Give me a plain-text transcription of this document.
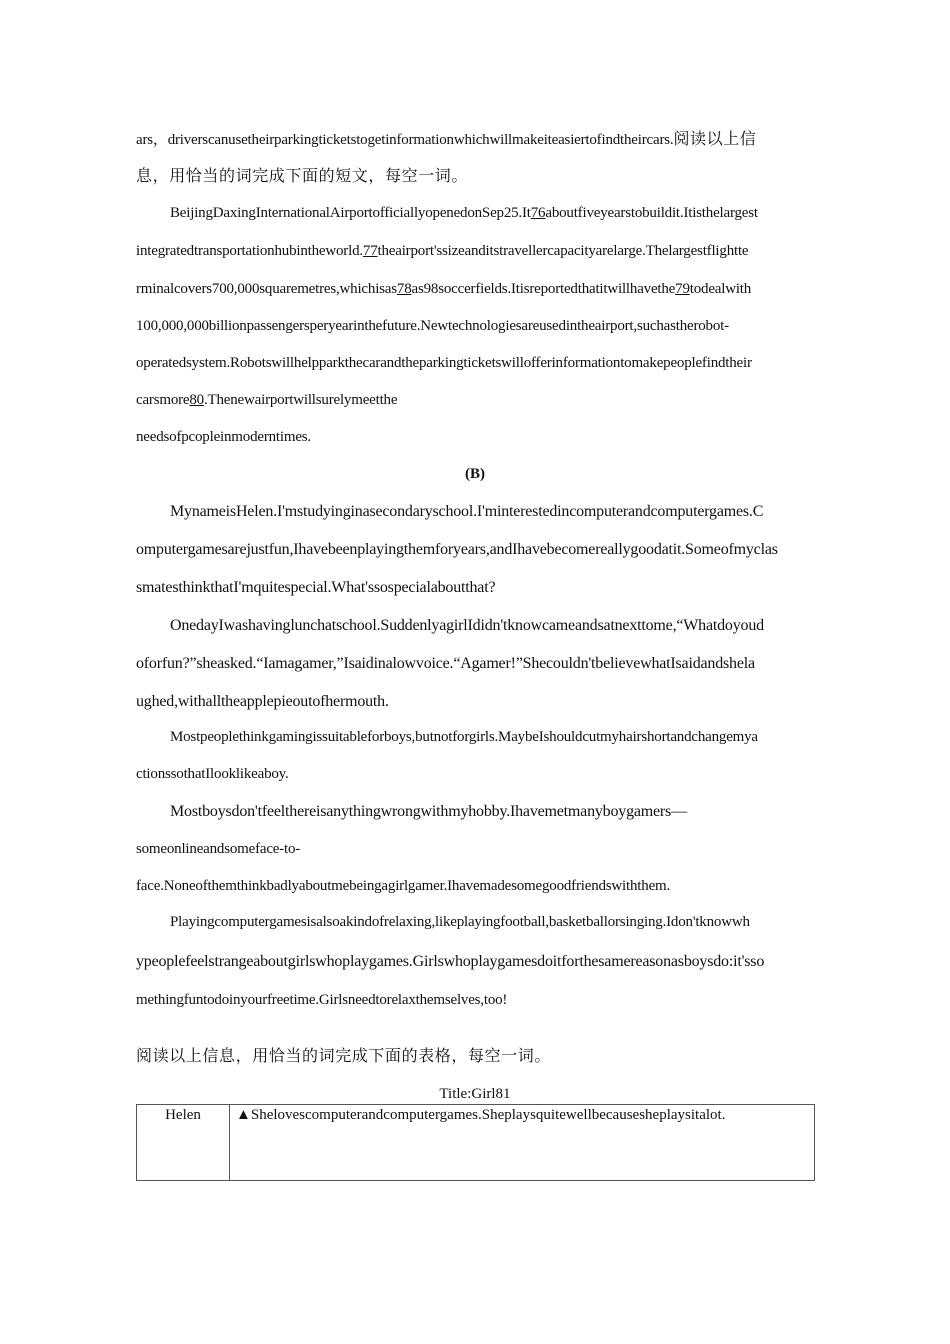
ars，driverscanusetheirparkingticketstogetinformationwhichwillmakeiteasiertofindtheircars.阅读以上信
息，用恰当的词完成下面的短文，每空一词。
BeijingDaxingInternationalAirportofficiallyopenedonSep25.It76aboutfiveyearstobuildit.Itisthelargest
integratedtransportationhubintheworld.77theairport'ssizeanditstravellercapacityarelarge.Thelargestflightte
rminalcovers700,000squaremetres,whichisas78as98soccerfields.Itisreportedthatitwillhavethe79todealwith
100,000,000billionpassengersperyearinthefuture.Newtechnologiesareusedintheairport,suchastherobot-
operatedsystem.Robotswillhelpparkthecarandtheparkingticketswillofferinformationtomakepeoplefindtheir
carsmore80.Thenewairportwillsurelymeetthe
needsofpcopleinmoderntimes.
(B)
MynameisHelen.I'mstudyinginasecondaryschool.I'minterestedincomputerandcomputergames.C
omputergamesarejustfun,Ihavebeenplayingthemforyears,andIhavebecomereallygoodatit.Someofmyclas
smatesthinkthatI'mquitespecial.What'ssospecialaboutthat?
OnedayIwashavinglunchatschool.SuddenlyagirlIdidn'tknowcameandsatnexttome,“Whatdoyoud
oforfun?”sheasked.“Iamagamer,”Isaidinalowvoice.“Agamer!”Shecouldn'tbelievewhatIsaidandshela
ughed,withalltheapplepieoutofhermouth.
Mostpeoplethinkgamingissuitableforboys,butnotforgirls.MaybeIshouldcutmyhairshortandchangemya
ctionssothatIlooklikeaboy.
Mostboysdon'tfeelthereisanythingwrongwithmyhobby.Ihavemetmanyboygamers—
someonlineandsomeface-to-
face.Noneofthemthinkbadlyaboutmebeingagirlgamer.Ihavemadesomegoodfriendswiththem.
Playingcomputergamesisalsoakindofrelaxing,likeplayingfootball,basketballorsinging.Idon'tknowwh
ypeoplefeelstrangeaboutgirlswhoplaygames.Girlswhoplaygamesdoitforthesamereasonasboysdo:it'sso
methingfuntodoinyourfreetime.Girlsneedtorelaxthemselves,too!
阅读以上信息，用恰当的词完成下面的表格，每空一词。
Title:Girl81
Helen	▲Shelovescomputerandcomputergames.Sheplaysquitewellbecausesheplaysitalot.
